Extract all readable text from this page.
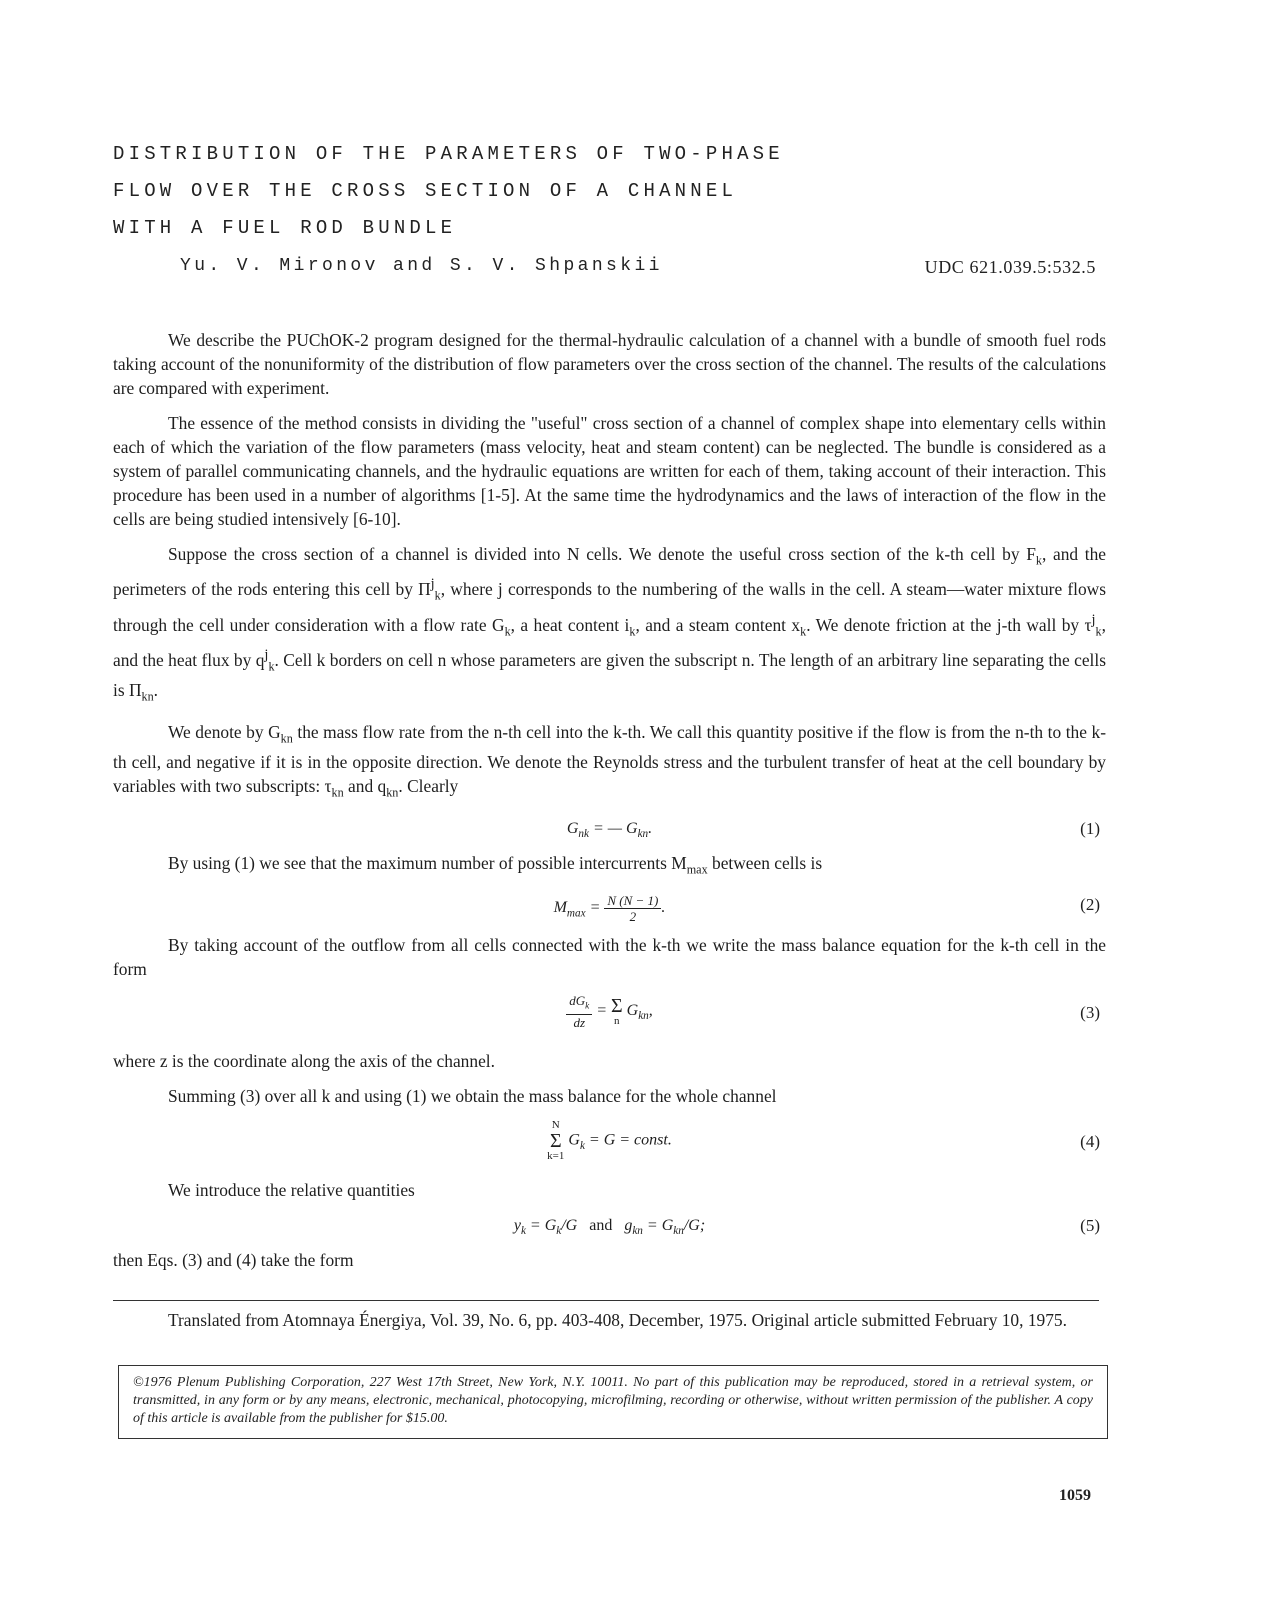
DISTRIBUTION OF THE PARAMETERS OF TWO-PHASE
FLOW OVER THE CROSS SECTION OF A CHANNEL
WITH A FUEL ROD BUNDLE
Yu. V. Mironov and S. V. Shpanskii	UDC 621.039.5:532.5

We describe the PUChOK-2 program designed for the thermal-hydraulic calculation of a channel with a bundle of smooth fuel rods taking account of the nonuniformity of the distribution of flow parameters over the cross section of the channel. The results of the calculations are compared with experiment.

The essence of the method consists in dividing the "useful" cross section of a channel of complex shape into elementary cells within each of which the variation of the flow parameters (mass velocity, heat and steam content) can be neglected. The bundle is considered as a system of parallel communicating channels, and the hydraulic equations are written for each of them, taking account of their interaction. This procedure has been used in a number of algorithms [1-5]. At the same time the hydrodynamics and the laws of interaction of the flow in the cells are being studied intensively [6-10].

Suppose the cross section of a channel is divided into N cells. We denote the useful cross section of the k-th cell by $F_k$, and the perimeters of the rods entering this cell by $\Pi^j_k$, where j corresponds to the numbering of the walls in the cell. A steam—water mixture flows through the cell under consideration with a flow rate $G_k$, a heat content $i_k$, and a steam content $x_k$. We denote friction at the j-th wall by $\tau^j_k$, and the heat flux by $q^j_k$. Cell k borders on cell n whose parameters are given the subscript n. The length of an arbitrary line separating the cells is $\Pi_{kn}$.

We denote by $G_{kn}$ the mass flow rate from the n-th cell into the k-th. We call this quantity positive if the flow is from the n-th to the k-th cell, and negative if it is in the opposite direction. We denote the Reynolds stress and the turbulent transfer of heat at the cell boundary by variables with two subscripts: $\tau_{kn}$ and $q_{kn}$. Clearly

$G_{nk}$ = — $G_{kn}$.	(1)

By using (1) we see that the maximum number of possible intercurrents $M_{max}$ between cells is

$M_{max} = \frac{N (N - 1)}{2}$ .	(2)

By taking account of the outflow from all cells connected with the k-th we write the mass balance equation for the k-th cell in the form

$\frac{dG_k}{dz} = \Sigma$
n $G_{kn}$,	(3)

where z is the coordinate along the axis of the channel.

Summing (3) over all k and using (1) we obtain the mass balance for the whole channel

N
Σ
k=1 $G_k = G$ = const.	(4)

We introduce the relative quantities

$y_k = G_k/G$ and $g_{kn} = G_{kn}/G$;	(5)

then Eqs. (3) and (4) take the form

Translated from Atomnaya Énergiya, Vol. 39, No. 6, pp. 403-408, December, 1975. Original article submitted February 10, 1975.
©1976 Plenum Publishing Corporation, 227 West 17th Street, New York, N.Y. 10011. No part of this publication may be reproduced, stored in a retrieval system, or transmitted, in any form or by any means, electronic, mechanical, photocopying, microfilming, recording or otherwise, without written permission of the publisher. A copy of this article is available from the publisher for $15.00.
1059
